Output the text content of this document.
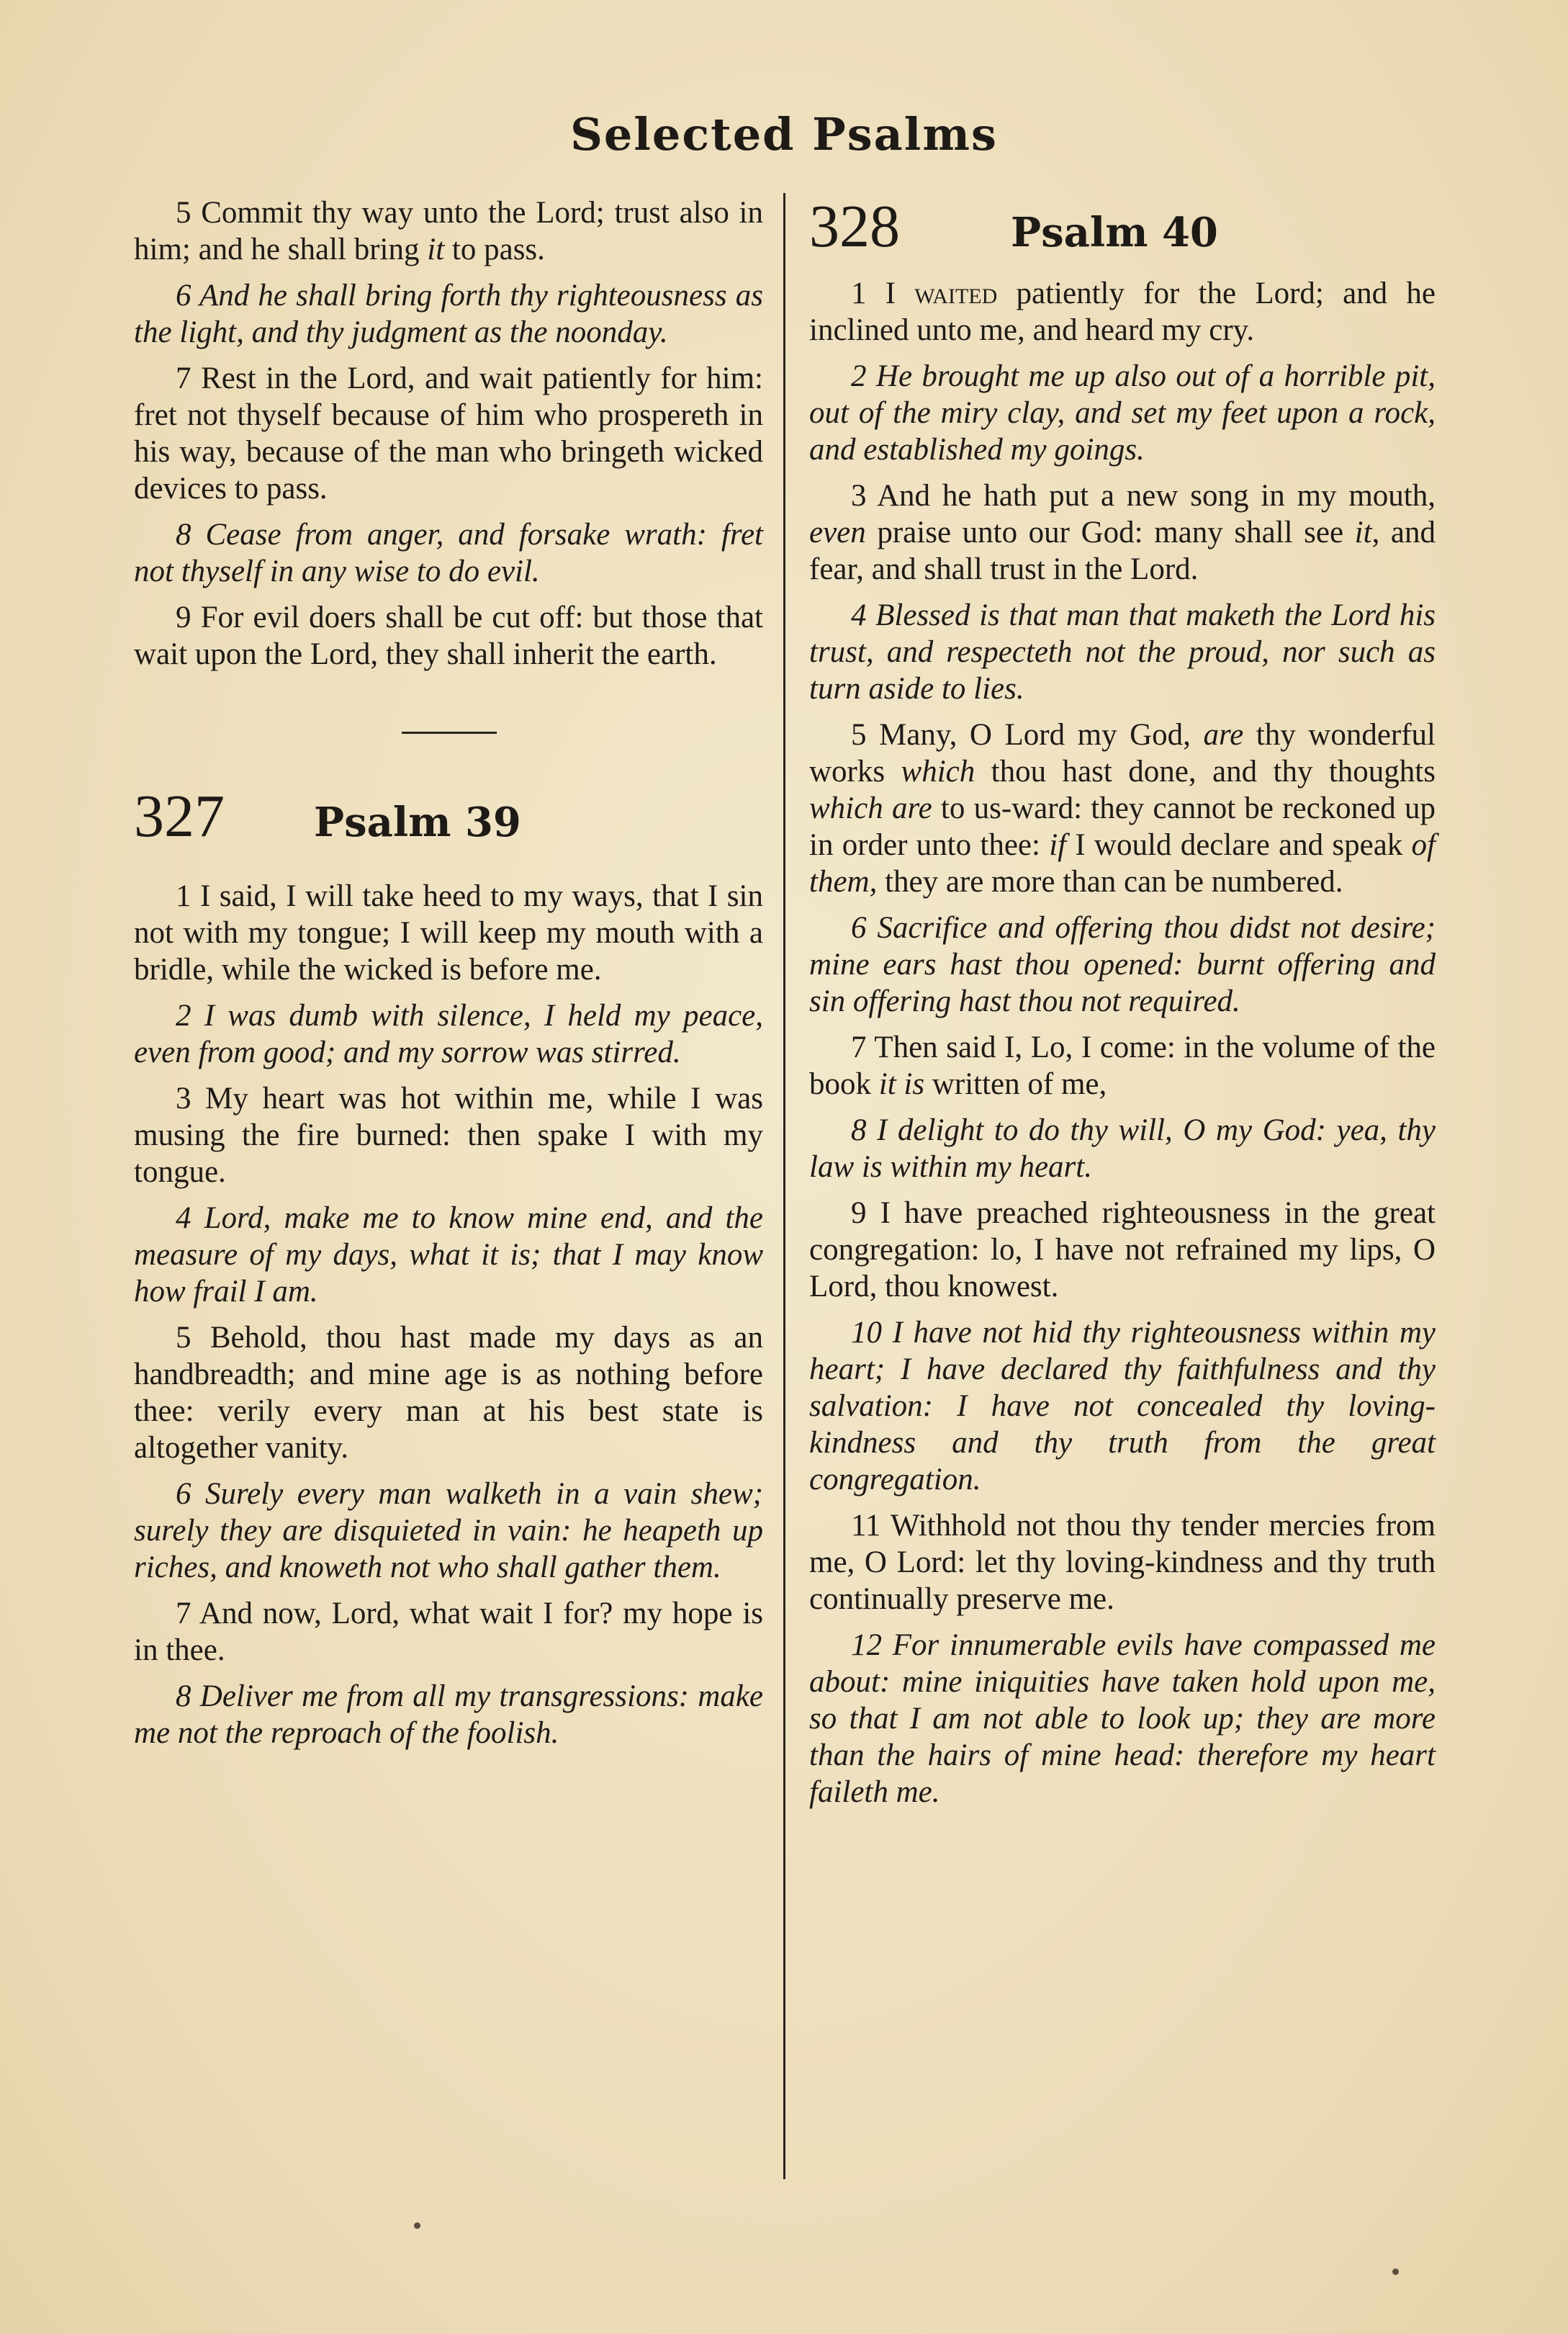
Selected Psalms

5 Commit thy way unto the Lord; trust also in him; and he shall bring it to pass.

6 And he shall bring forth thy righteousness as the light, and thy judgment as the noonday.

7 Rest in the Lord, and wait patiently for him: fret not thyself because of him who prospereth in his way, because of the man who bringeth wicked devices to pass.

8 Cease from anger, and forsake wrath: fret not thyself in any wise to do evil.

9 For evil doers shall be cut off: but those that wait upon the Lord, they shall inherit the earth.

327	Psalm 39

1 I said, I will take heed to my ways, that I sin not with my tongue; I will keep my mouth with a bridle, while the wicked is before me.

2 I was dumb with silence, I held my peace, even from good; and my sorrow was stirred.

3 My heart was hot within me, while I was musing the fire burned: then spake I with my tongue.

4 Lord, make me to know mine end, and the measure of my days, what it is; that I may know how frail I am.

5 Behold, thou hast made my days as an handbreadth; and mine age is as nothing before thee: verily every man at his best state is altogether vanity.

6 Surely every man walketh in a vain shew; surely they are disquieted in vain: he heapeth up riches, and knoweth not who shall gather them.

7 And now, Lord, what wait I for? my hope is in thee.

8 Deliver me from all my transgressions: make me not the reproach of the foolish.

328	Psalm 40

1 I waited patiently for the Lord; and he inclined unto me, and heard my cry.

2 He brought me up also out of a horrible pit, out of the miry clay, and set my feet upon a rock, and established my goings.

3 And he hath put a new song in my mouth, even praise unto our God: many shall see it, and fear, and shall trust in the Lord.

4 Blessed is that man that maketh the Lord his trust, and respecteth not the proud, nor such as turn aside to lies.

5 Many, O Lord my God, are thy wonderful works which thou hast done, and thy thoughts which are to us-ward: they cannot be reckoned up in order unto thee: if I would declare and speak of them, they are more than can be numbered.

6 Sacrifice and offering thou didst not desire; mine ears hast thou opened: burnt offering and sin offering hast thou not required.

7 Then said I, Lo, I come: in the volume of the book it is written of me,

8 I delight to do thy will, O my God: yea, thy law is within my heart.

9 I have preached righteousness in the great congregation: lo, I have not refrained my lips, O Lord, thou knowest.

10 I have not hid thy righteousness within my heart; I have declared thy faithfulness and thy salvation: I have not concealed thy loving-kindness and thy truth from the great congregation.

11 Withhold not thou thy tender mercies from me, O Lord: let thy loving-kindness and thy truth continually preserve me.

12 For innumerable evils have compassed me about: mine iniquities have taken hold upon me, so that I am not able to look up; they are more than the hairs of mine head: therefore my heart faileth me.
